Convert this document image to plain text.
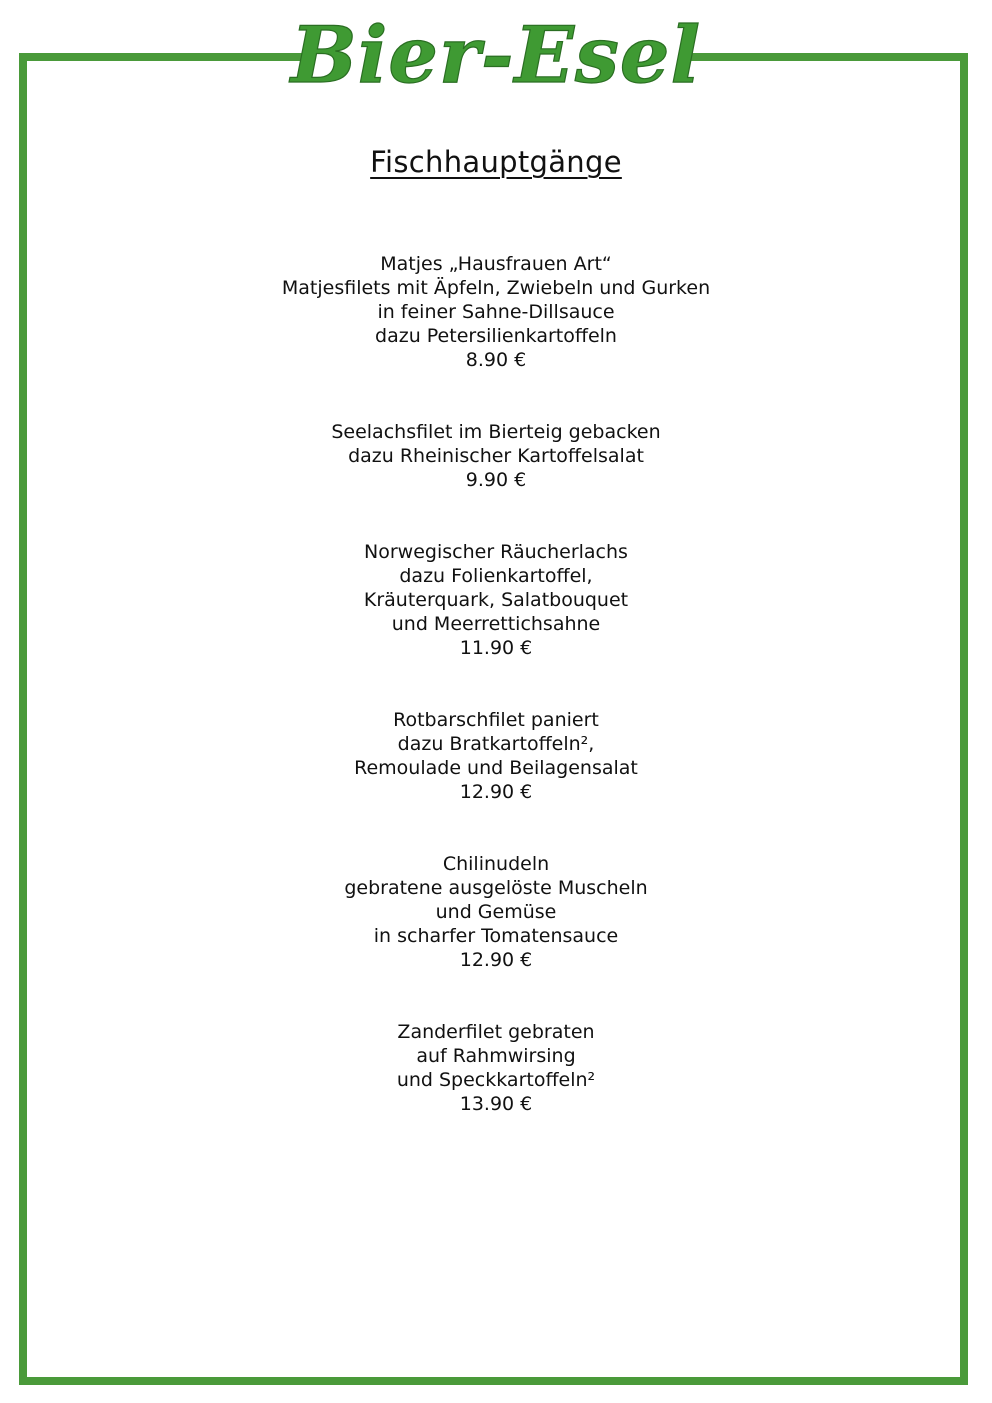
Bier-Esel
Fischhauptgänge
Matjes „Hausfrauen Art“
Matjesfilets mit Äpfeln, Zwiebeln und Gurken
in feiner Sahne-Dillsauce
dazu Petersilienkartoffeln
8.90 €
Seelachsfilet im Bierteig gebacken
dazu Rheinischer Kartoffelsalat
9.90 €
Norwegischer Räucherlachs
dazu Folienkartoffel,
Kräuterquark, Salatbouquet
und Meerrettichsahne
11.90 €
Rotbarschfilet paniert
dazu Bratkartoffeln²,
Remoulade und Beilagensalat
12.90 €
Chilinudeln
gebratene ausgelöste Muscheln
und Gemüse
in scharfer Tomatensauce
12.90 €
Zanderfilet gebraten
auf Rahmwirsing
und Speckkartoffeln²
13.90 €
